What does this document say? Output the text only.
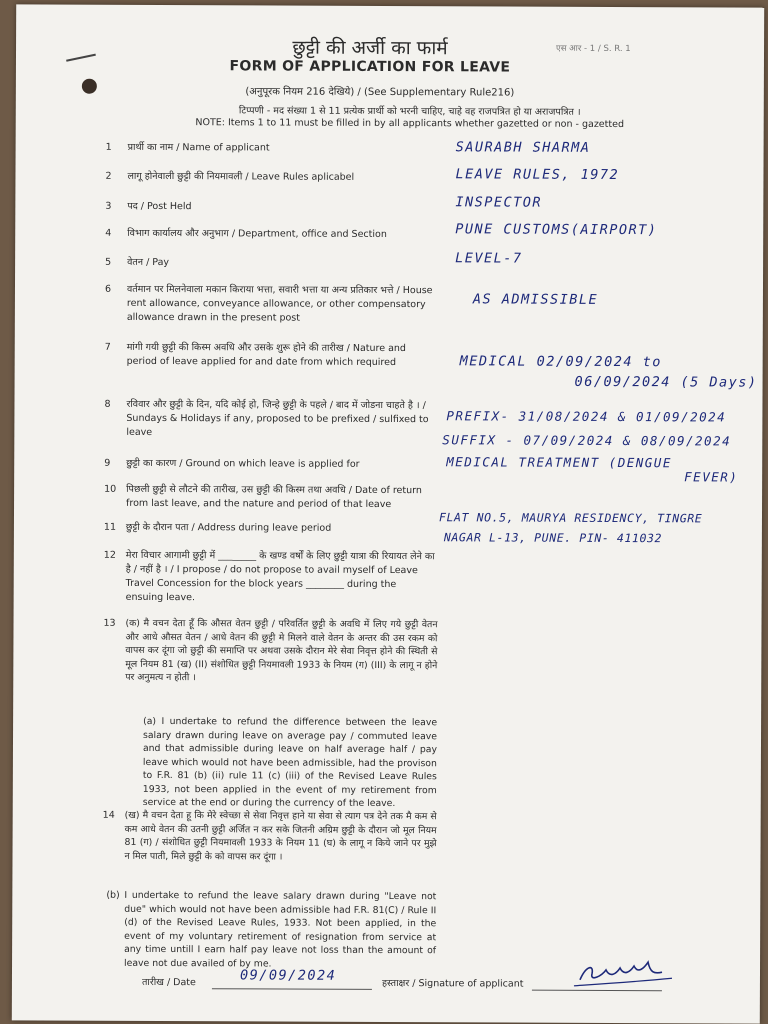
एस आर - 1 / S. R. 1
छुट्टी की अर्जी का फार्म
FORM OF APPLICATION FOR LEAVE
(अनुपूरक नियम 216 देखिये) / (See Supplementary Rule216)
टिप्पणी - मद संख्या 1 से 11 प्रत्येक प्रार्थी को भरनी चाहिए, चाहे वह राजपत्रित हो या अराजपत्रित ।
NOTE: Items 1 to 11 must be filled in by all applicants whether gazetted or non - gazetted
1	प्रार्थी का नाम / Name of applicant	SAURABH SHARMA
2	लागू होनेवाली छुट्टी की नियमावली / Leave Rules aplicabel	LEAVE RULES, 1972
3	पद / Post Held	INSPECTOR
4	विभाग कार्यालय और अनुभाग / Department, office and Section	PUNE CUSTOMS(AIRPORT)
5	वेतन / Pay	LEVEL-7
6	वर्तमान पर मिलनेवाला मकान किराया भत्ता, सवारी भत्ता या अन्य प्रतिकार भत्ते / House rent allowance, conveyance allowance, or other compensatory allowance drawn in the present post
AS ADMISSIBLE
7	मांगी गयी छुट्टी की किस्म अवधि और उसके शुरू होने की तारीख / Nature and period of leave applied for and date from which required	MEDICAL 02/09/2024 to
06/09/2024 (5 Days)
8	रविवार और छुट्टी के दिन, यदि कोई हो, जिन्हे छुट्टी के पहले / बाद में जोडना चाहते है । / Sundays & Holidays if any, proposed to be prefixed / sulfixed to leave
PREFIX- 31/08/2024 & 01/09/2024
SUFFIX - 07/09/2024 & 08/09/2024
9	छुट्टी का कारण / Ground on which leave is applied for	MEDICAL TREATMENT (DENGUE
FEVER)
10	पिछली छुट्टी से लौटने की तारीख, उस छुट्टी की किस्म तथा अवधि / Date of return from last leave, and the nature and period of that leave
11	छुट्टी के दौरान पता / Address during leave period
FLAT NO.5, MAURYA RESIDENCY, TINGRE
NAGAR L-13, PUNE. PIN- 411032
12	मेरा विचार आगामी छुट्टी में ________ के खण्ड वर्षों के लिए छुट्टी यात्रा की रियायत लेने का है / नहीं है । / I propose / do not propose to avail myself of Leave Travel Concession for the block years ________ during the ensuing leave.
13	(क) मै वचन देता हूँ कि औसत वेतन छुट्टी / परिवर्तित छुट्टी के अवधि में लिए गये छुट्टी वेतन और आधे औसत वेतन / आधे वेतन की छुट्टी मे मिलने वाले वेतन के अन्तर की उस रकम को वापस कर दूंगा जो छुट्टी की समाप्ति पर अथवा उसके दौरान मेरे सेवा निवृत्त होने की स्थिती से मूल नियम 81 (ख) (II) संशोधित छुट्टी नियमावली 1933 के नियम (ग) (III) के लागू न होने पर अनुमत्य न होती ।
(a) I undertake to refund the difference between the leave salary drawn during leave on average pay / commuted leave and that admissible during leave on half average half / pay leave which would not have been admissible, had the provison to F.R. 81 (b) (ii) rule 11 (c) (iii) of the Revised Leave Rules 1933, not been applied in the event of my retirement from service at the end or during the currency of the leave.
14	(ख) मै वचन देता हू कि मेरे स्वेच्छा से सेवा निवृत्त हाने या सेवा से त्याग पत्र देने तक मै कम से कम आधे वेतन की उतनी छुट्टी अर्जित न कर सके जितनी अग्रिम छुट्टी के दौरान जो मूल नियम 81 (ग) / संशोधित छुट्टी नियमावली 1933 के नियम 11 (घ) के लागू न किये जाने पर मुझे न मिल पाती, मिले छुट्टी के को वापस कर दूंगा ।
(b) I undertake to refund the leave salary drawn during "Leave not due" which would not have been admissible had F.R. 81(C) / Rule II (d) of the Revised Leave Rules, 1933. Not been applied, in the event of my voluntary retirement of resignation from service at any time untill I earn half pay leave not loss than the amount of leave not due availed of by me.
तारीख / Date	09/09/2024
हस्ताक्षर / Signature of applicant
